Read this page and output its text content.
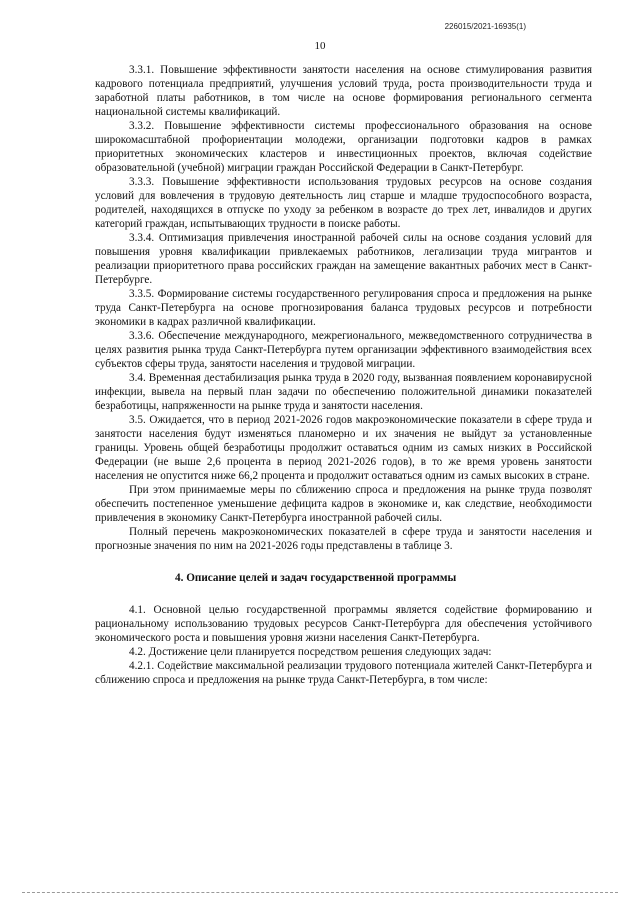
226015/2021-16935(1)
10

3.3.1. Повышение эффективности занятости населения на основе стимулирования развития кадрового потенциала предприятий, улучшения условий труда, роста производительности труда и заработной платы работников, в том числе на основе формирования регионального сегмента национальной системы квалификаций.

3.3.2. Повышение эффективности системы профессионального образования на основе широкомасштабной профориентации молодежи, организации подготовки кадров в рамках приоритетных экономических кластеров и инвестиционных проектов, включая содействие образовательной (учебной) миграции граждан Российской Федерации в Санкт-Петербург.

3.3.3. Повышение эффективности использования трудовых ресурсов на основе создания условий для вовлечения в трудовую деятельность лиц старше и младше трудоспособного возраста, родителей, находящихся в отпуске по уходу за ребенком в возрасте до трех лет, инвалидов и других категорий граждан, испытывающих трудности в поиске работы.

3.3.4. Оптимизация привлечения иностранной рабочей силы на основе создания условий для повышения уровня квалификации привлекаемых работников, легализации труда мигрантов и реализации приоритетного права российских граждан на замещение вакантных рабочих мест в Санкт-Петербурге.

3.3.5. Формирование системы государственного регулирования спроса и предложения на рынке труда Санкт-Петербурга на основе прогнозирования баланса трудовых ресурсов и потребности экономики в кадрах различной квалификации.

3.3.6. Обеспечение международного, межрегионального, межведомственного сотрудничества в целях развития рынка труда Санкт-Петербурга путем организации эффективного взаимодействия всех субъектов сферы труда, занятости населения и трудовой миграции.

3.4. Временная дестабилизация рынка труда в 2020 году, вызванная появлением коронавирусной инфекции, вывела на первый план задачи по обеспечению положительной динамики показателей безработицы, напряженности на рынке труда и занятости населения.

3.5. Ожидается, что в период 2021-2026 годов макроэкономические показатели в сфере труда и занятости населения будут изменяться планомерно и их значения не выйдут за установленные границы. Уровень общей безработицы продолжит оставаться одним из самых низких в Российской Федерации (не выше 2,6 процента в период 2021-2026 годов), в то же время уровень занятости населения не опустится ниже 66,2 процента и продолжит оставаться одним из самых высоких в стране.

При этом принимаемые меры по сближению спроса и предложения на рынке труда позволят обеспечить постепенное уменьшение дефицита кадров в экономике и, как следствие, необходимости привлечения в экономику Санкт-Петербурга иностранной рабочей силы.

Полный перечень макроэкономических показателей в сфере труда и занятости населения и прогнозные значения по ним на 2021-2026 годы представлены в таблице 3.

4. Описание целей и задач государственной программы

4.1. Основной целью государственной программы является содействие формированию и рациональному использованию трудовых ресурсов Санкт-Петербурга для обеспечения устойчивого экономического роста и повышения уровня жизни населения Санкт-Петербурга.

4.2. Достижение цели планируется посредством решения следующих задач:

4.2.1. Содействие максимальной реализации трудового потенциала жителей Санкт-Петербурга и сближению спроса и предложения на рынке труда Санкт-Петербурга, в том числе:
